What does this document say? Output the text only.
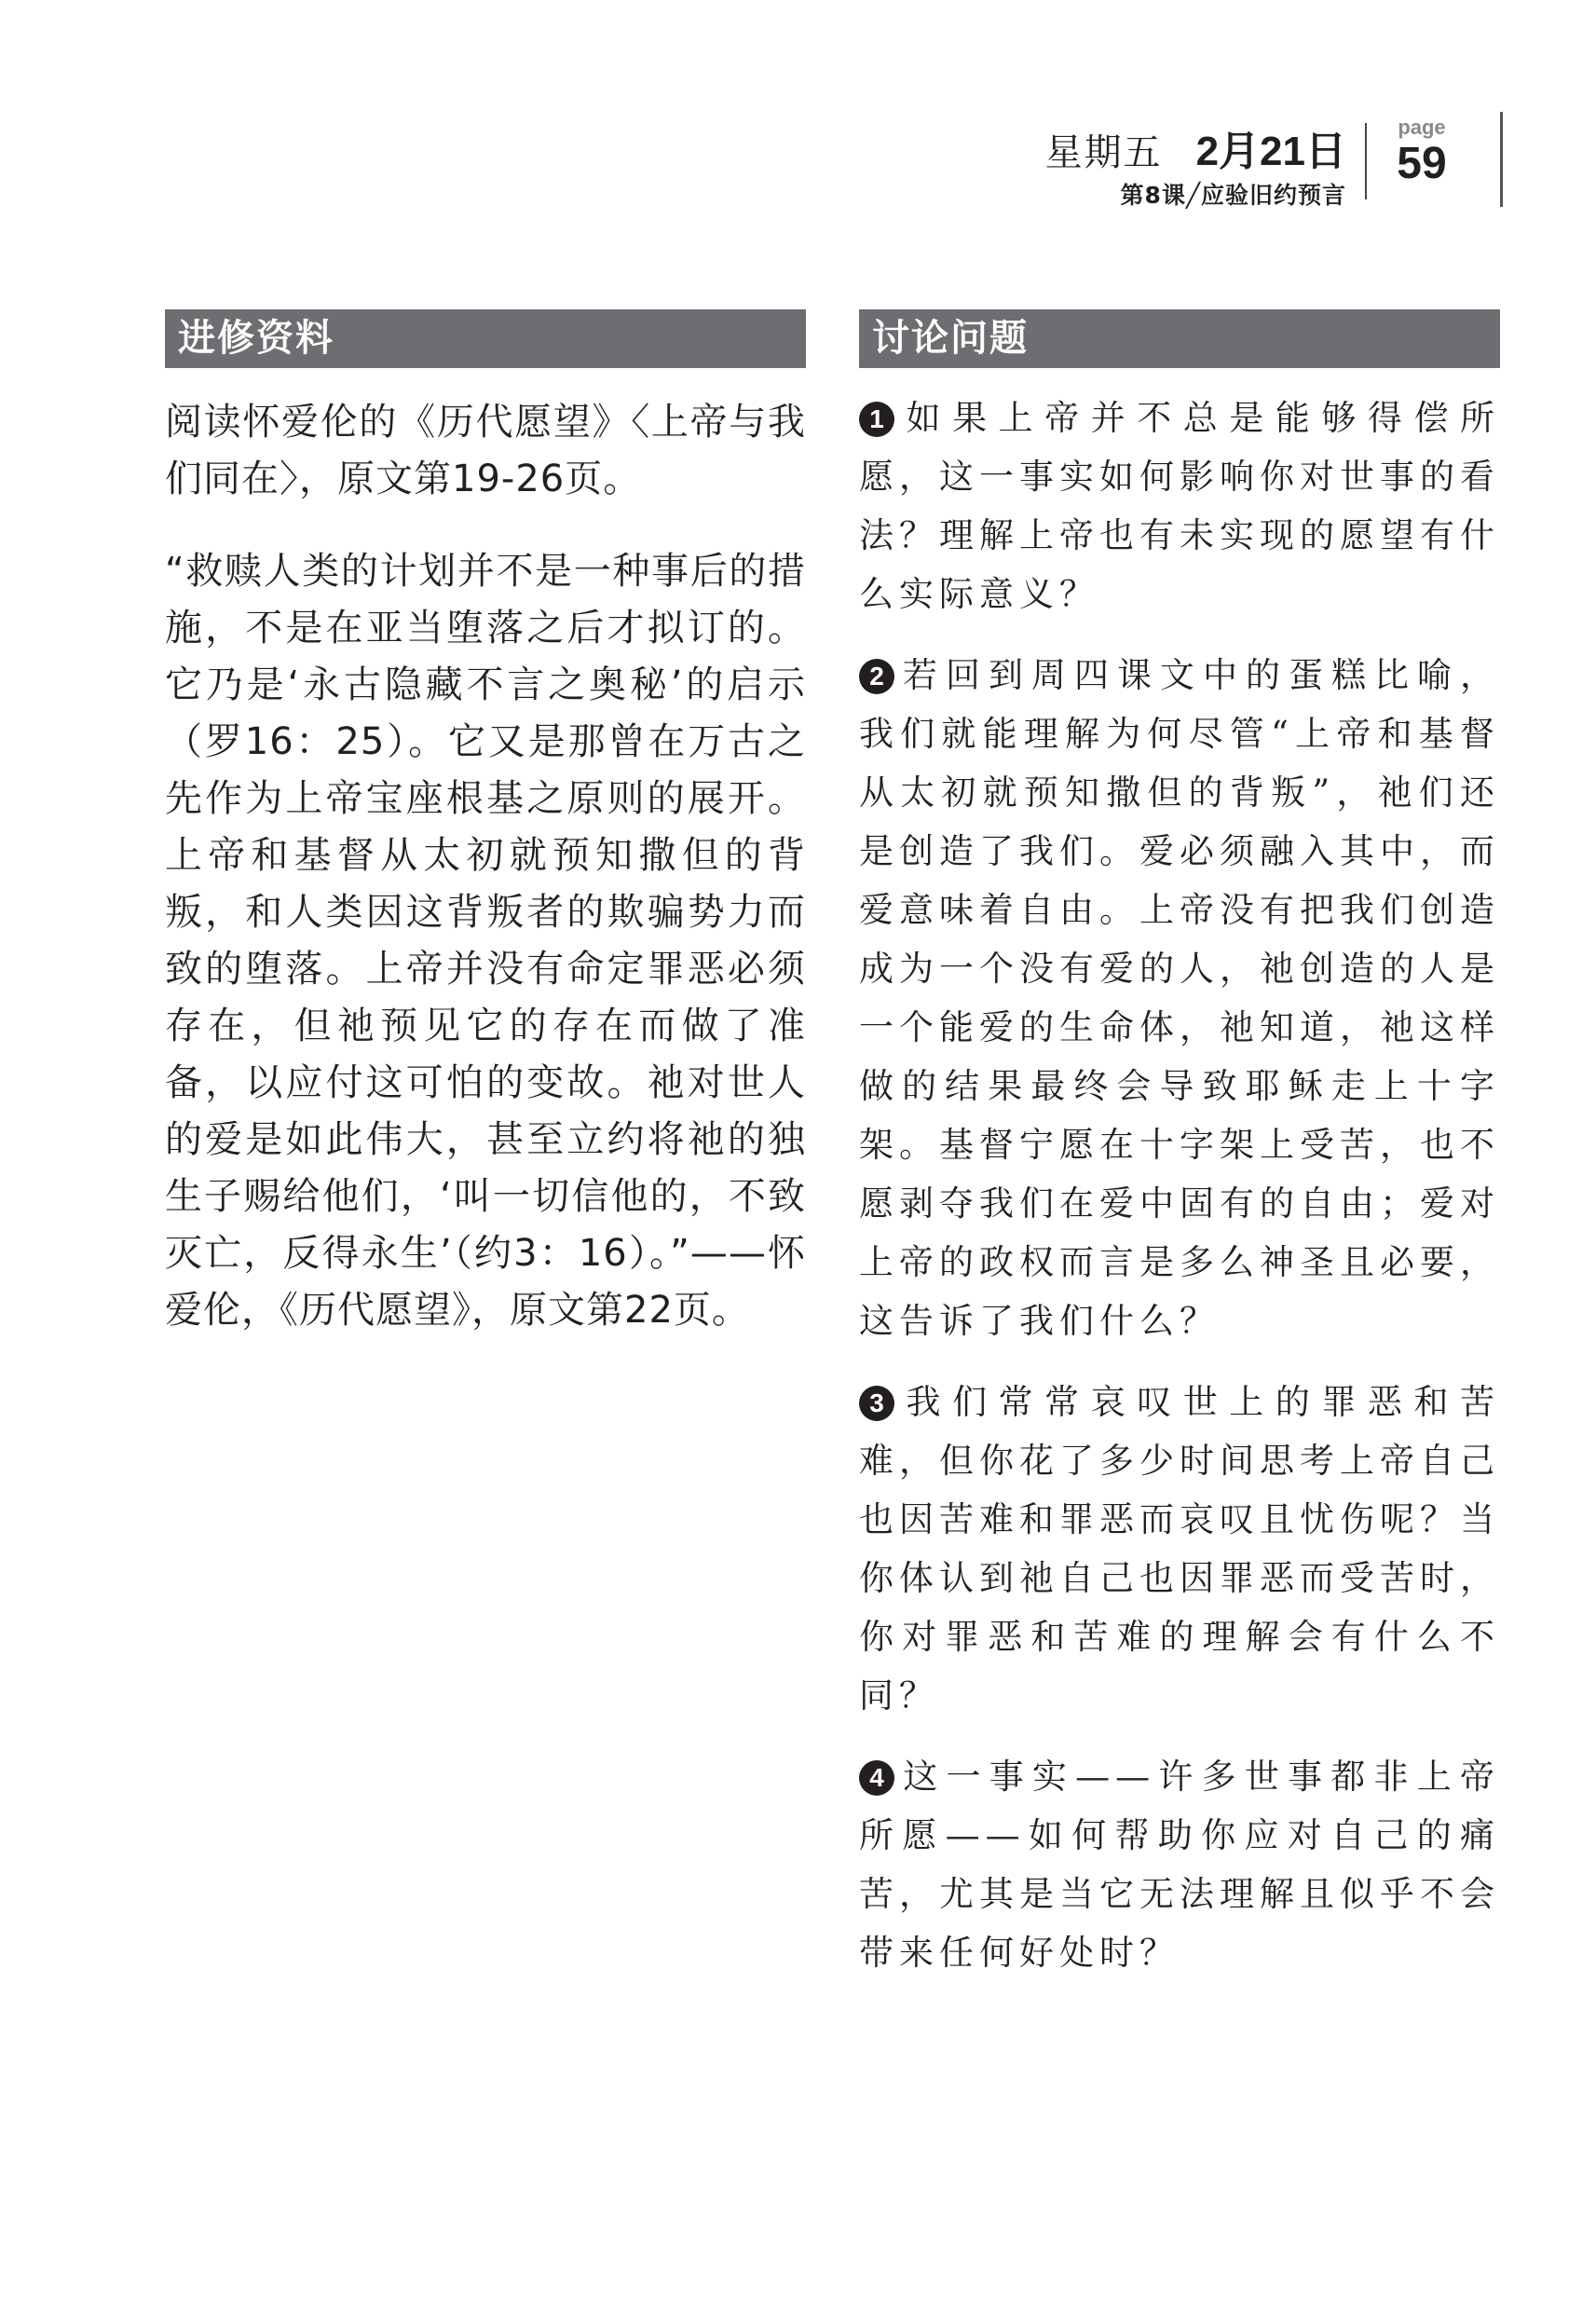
星期五 2月21日
第8课╱应验旧约预言
page
59
进修资料

阅读怀爱伦的《历代愿望》〈上帝与我们同在〉，原文第19-26页。

“救赎人类的计划并不是一种事后的措施，不是在亚当堕落之后才拟订的。它乃是‘永古隐藏不言之奥秘’的启示（罗16：25）。它又是那曾在万古之先作为上帝宝座根基之原则的展开。上帝和基督从太初就预知撒但的背叛，和人类因这背叛者的欺骗势力而致的堕落。上帝并没有命定罪恶必须存在，但祂预见它的存在而做了准备，以应付这可怕的变故。祂对世人的爱是如此伟大，甚至立约将祂的独生子赐给他们，‘叫一切信他的，不致灭亡，反得永生’（约3：16）。”——怀爱伦，《历代愿望》，原文第22页。

讨论问题

1 如果上帝并不总是能够得偿所愿，这一事实如何影响你对世事的看法？理解上帝也有未实现的愿望有什么实际意义？

2 若回到周四课文中的蛋糕比喻，我们就能理解为何尽管“上帝和基督从太初就预知撒但的背叛”，祂们还是创造了我们。爱必须融入其中，而爱意味着自由。上帝没有把我们创造成为一个没有爱的人，祂创造的人是一个能爱的生命体，祂知道，祂这样做的结果最终会导致耶稣走上十字架。基督宁愿在十字架上受苦，也不愿剥夺我们在爱中固有的自由；爱对上帝的政权而言是多么神圣且必要，这告诉了我们什么？

3 我们常常哀叹世上的罪恶和苦难，但你花了多少时间思考上帝自己也因苦难和罪恶而哀叹且忧伤呢？当你体认到祂自己也因罪恶而受苦时，你对罪恶和苦难的理解会有什么不同？

4 这一事实——许多世事都非上帝所愿——如何帮助你应对自己的痛苦，尤其是当它无法理解且似乎不会带来任何好处时？
